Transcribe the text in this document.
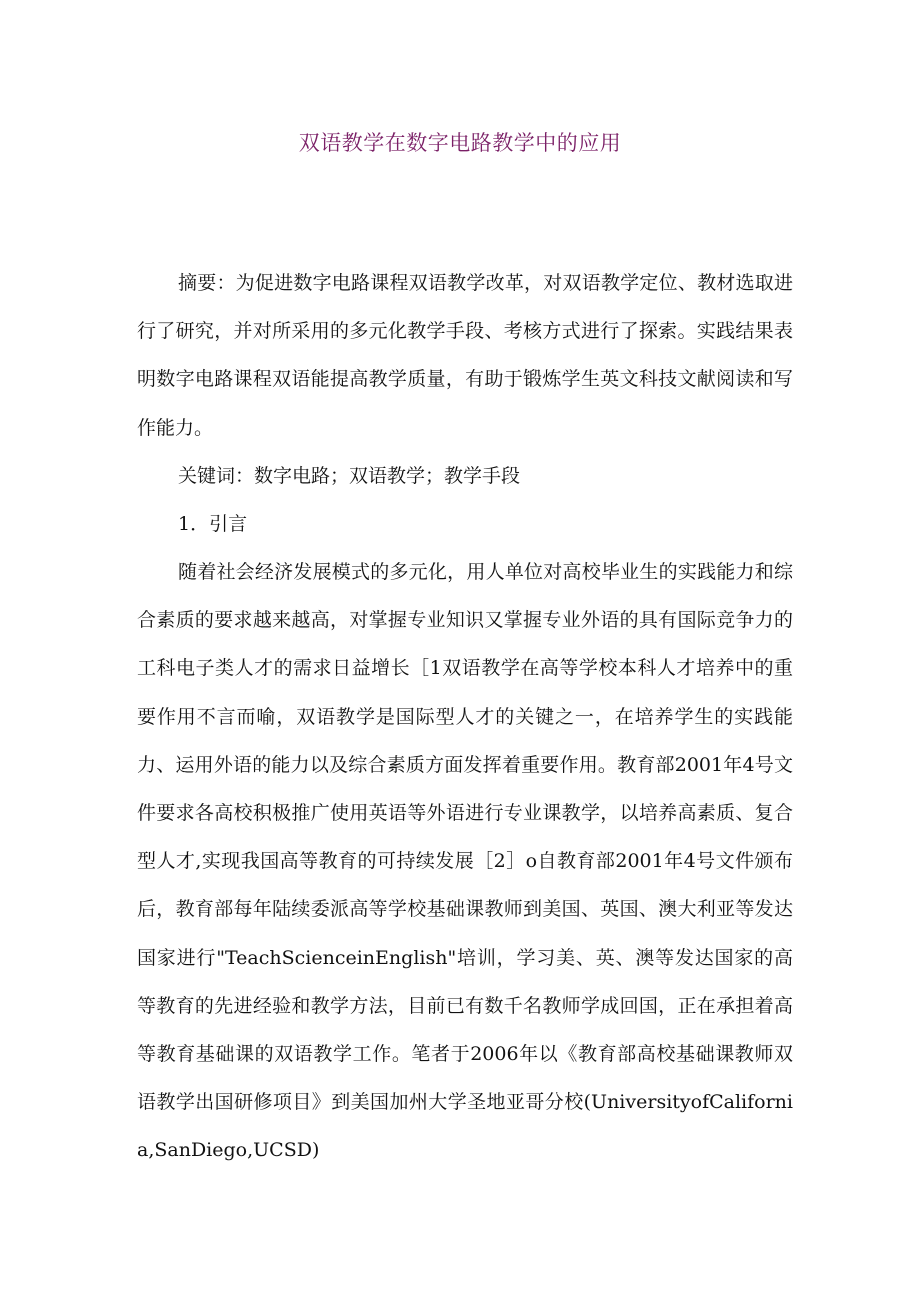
双语教学在数字电路教学中的应用

摘要：为促进数字电路课程双语教学改革，对双语教学定位、教材选取进行了研究，并对所采用的多元化教学手段、考核方式进行了探索。实践结果表明数字电路课程双语能提高教学质量，有助于锻炼学生英文科技文献阅读和写作能力。

关键词：数字电路；双语教学；教学手段

1．引言

随着社会经济发展模式的多元化，用人单位对高校毕业生的实践能力和综合素质的要求越来越高，对掌握专业知识又掌握专业外语的具有国际竞争力的工科电子类人才的需求日益增长［1双语教学在高等学校本科人才培养中的重要作用不言而喻，双语教学是国际型人才的关键之一，在培养学生的实践能力、运用外语的能力以及综合素质方面发挥着重要作用。教育部2001年4号文件要求各高校积极推广使用英语等外语进行专业课教学，以培养高素质、复合型人才,实现我国高等教育的可持续发展［2］o自教育部2001年4号文件颁布后，教育部每年陆续委派高等学校基础课教师到美国、英国、澳大利亚等发达国家进行"TeachScienceinEnglish"培训，学习美、英、澳等发达国家的高等教育的先进经验和教学方法，目前已有数千名教师学成回国，正在承担着高等教育基础课的双语教学工作。笔者于2006年以《教育部高校基础课教师双语教学出国研修项目》到美国加州大学圣地亚哥分校(UniversityofCalifornia,SanDiego,UCSD)
